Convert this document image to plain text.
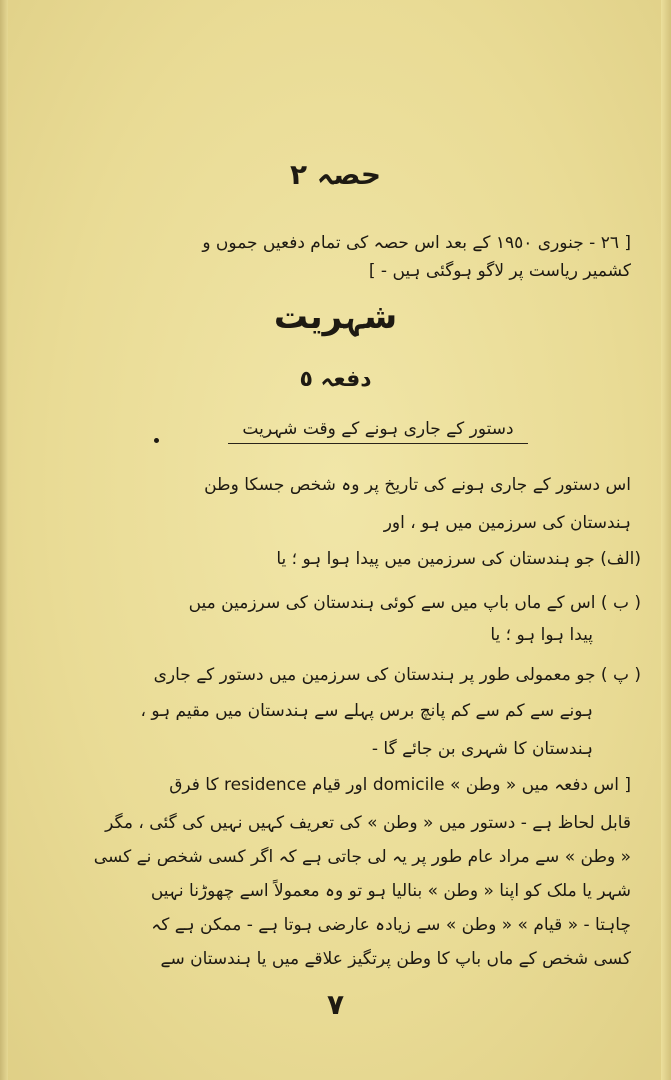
حصہ ۲
[ ٢٦ - جنوری ١٩٥٠ کے بعد اس حصہ کی تمام دفعیں جموں و
کشمیر ریاست پر لاگو ہوگئی ہیں - ]
شہریت
دفعہ ٥
دستور کے جاری ہونے کے وقت شہریت
اس دستور کے جاری ہونے کی تاریخ پر وہ شخص جسکا وطن
ہندستان کی سرزمین میں ہو ، اور
(الف) جو ہندستان کی سرزمین میں پیدا ہوا ہو ؛ یا
( ب ) اس کے ماں باپ میں سے کوئی ہندستان کی سرزمین میں
پیدا ہوا ہو ؛ یا
( پ ) جو معمولی طور پر ہندستان کی سرزمین میں دستور کے جاری
ہونے سے کم سے کم پانچ برس پہلے سے ہندستان میں مقیم ہو ،
ہندستان کا شہری بن جائے گا -
[ اس دفعہ میں « وطن » domicile اور قیام residence کا فرق
قابل لحاظ ہے - دستور میں « وطن » کی تعریف کہیں نہیں کی گئی ، مگر
« وطن » سے مراد عام طور پر یہ لی جاتی ہے کہ اگر کسی شخص نے کسی
شہر یا ملک کو اپنا « وطن » بنالیا ہو تو وہ معمولاً اسے چھوڑنا نہیں
چاہتا - « قیام » « وطن » سے زیادہ عارضی ہوتا ہے - ممکن ہے کہ
کسی شخص کے ماں باپ کا وطن پرتگیز علاقے میں یا ہندستان سے
٧
